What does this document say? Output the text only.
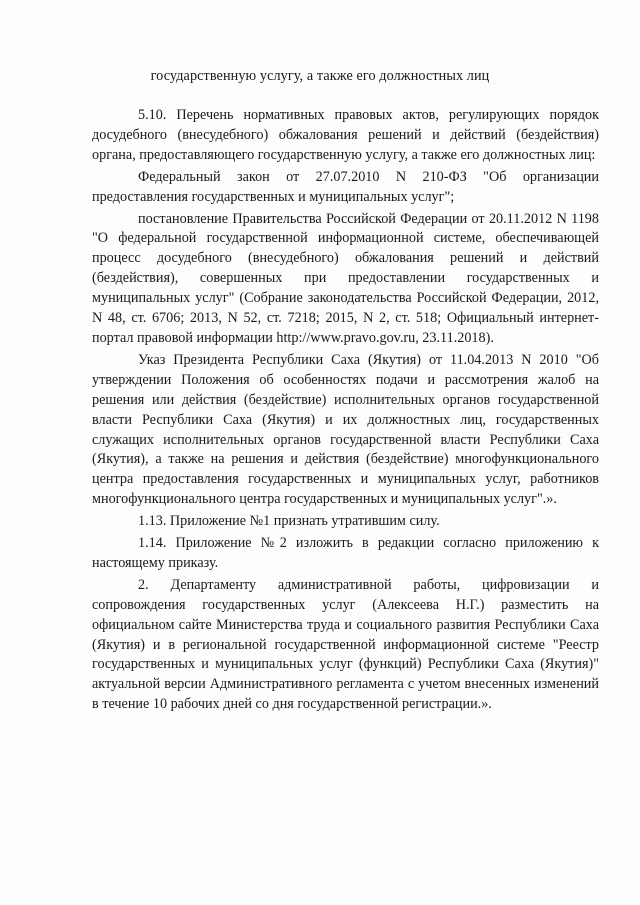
государственную услугу, а также его должностных лиц

5.10. Перечень нормативных правовых актов, регулирующих порядок досудебного (внесудебного) обжалования решений и действий (бездействия) органа, предоставляющего государственную услугу, а также его должностных лиц:

Федеральный закон от 27.07.2010 N 210-ФЗ "Об организации предоставления государственных и муниципальных услуг";

постановление Правительства Российской Федерации от 20.11.2012 N 1198 "О федеральной государственной информационной системе, обеспечивающей процесс досудебного (внесудебного) обжалования решений и действий (бездействия), совершенных при предоставлении государственных и муниципальных услуг" (Собрание законодательства Российской Федерации, 2012, N 48, ст. 6706; 2013, N 52, ст. 7218; 2015, N 2, ст. 518; Официальный интернет-портал правовой информации http://www.pravo.gov.ru, 23.11.2018).

Указ Президента Республики Саха (Якутия) от 11.04.2013 N 2010 "Об утверждении Положения об особенностях подачи и рассмотрения жалоб на решения или действия (бездействие) исполнительных органов государственной власти Республики Саха (Якутия) и их должностных лиц, государственных служащих исполнительных органов государственной власти Республики Саха (Якутия), а также на решения и действия (бездействие) многофункционального центра предоставления государственных и муниципальных услуг, работников многофункционального центра государственных и муниципальных услуг".».

1.13. Приложение №1 признать утратившим силу.

1.14. Приложение №2 изложить в редакции согласно приложению к настоящему приказу.

2. Департаменту административной работы, цифровизации и сопровождения государственных услуг (Алексеева Н.Г.) разместить на официальном сайте Министерства труда и социального развития Республики Саха (Якутия) и в региональной государственной информационной системе "Реестр государственных и муниципальных услуг (функций) Республики Саха (Якутия)" актуальной версии Административного регламента с учетом внесенных изменений в течение 10 рабочих дней со дня государственной регистрации.».
